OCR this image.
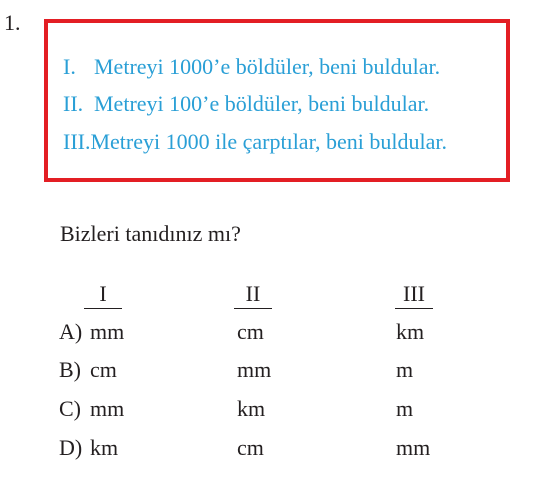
1.
I. Metreyi 1000’e böldüler, beni buldular.
II. Metreyi 100’e böldüler, beni buldular.
III.Metreyi 1000 ile çarptılar, beni buldular.
Bizleri tanıdınız mı?
I	II	III
A) mm	cm	km
B) cm	mm	m
C) mm	km	m
D) km	cm	mm
